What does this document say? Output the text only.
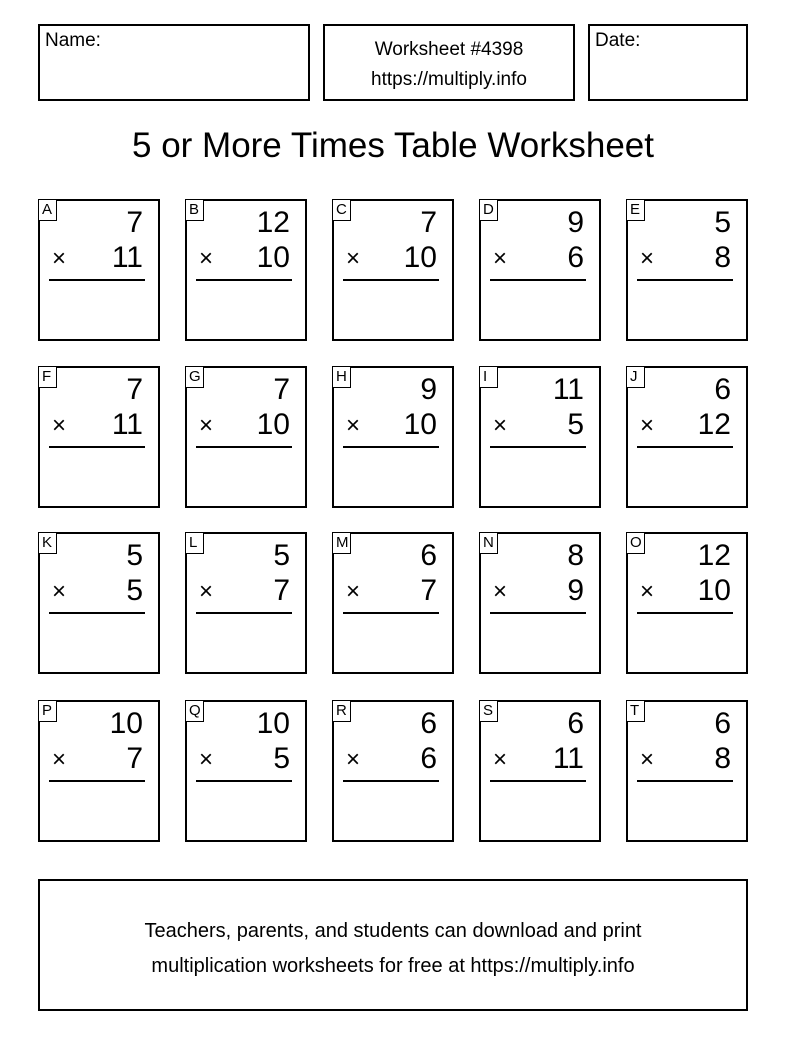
Name:	Worksheet #4398
https://multiply.info
Date:
5 or More Times Table Worksheet
A 7
× 11
B 12
× 10
C 7
× 10
D 9
× 6
E 5
× 8
F	7
× 11
G 7
× 10
H 9
× 10
I	11
× 5
J	6
× 12
K 5
× 5
L	5
× 7
M 6
× 7
N 8
× 9
O 12
× 10
P 10
× 7
Q 10
× 5
R 6
× 6
S 6
× 11
T	6
× 8
Teachers, parents, and students can download and print
multiplication worksheets for free at https://multiply.info
